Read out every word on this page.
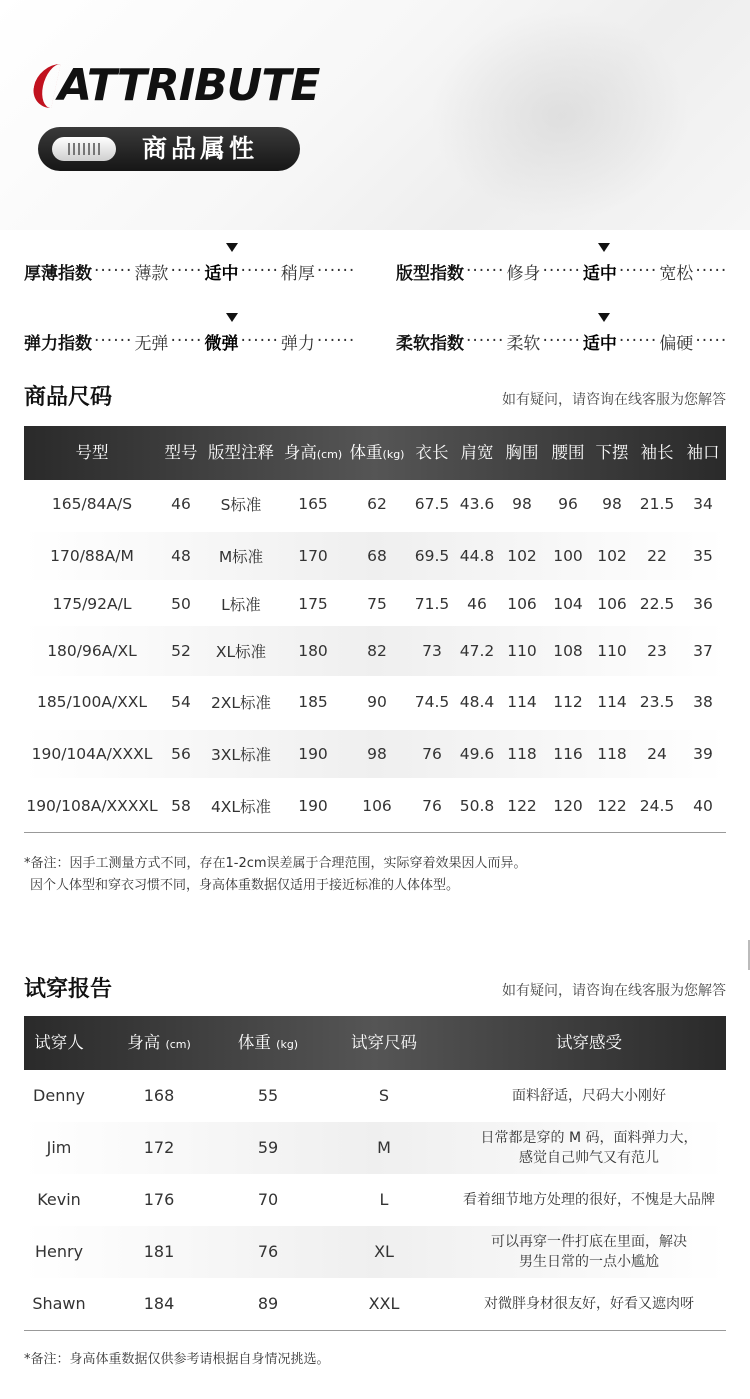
ATTRIBUTE
商品属性
厚薄指数 ······ 薄款 ····· 适中 ······ 稍厚 ······ 版型指数 ······ 修身 ······ 适中 ······ 宽松 ·····
弹力指数 ······ 无弹 ····· 微弹 ······ 弹力 ······ 柔软指数 ······ 柔软 ······ 适中 ······ 偏硬 ·····
商品尺码	如有疑问，请咨询在线客服为您解答
号型	型号 版型注释 身高(cm) 体重(kg) 衣长 肩宽 胸围 腰围 下摆 袖长 袖口
165/84A/S	46	S标准	165	62	67.5 43.6	98	96	98	21.5	34
170/88A/M	48	M标准	170	68	69.5 44.8 102	100 102	22	35
175/92A/L	50	L标准	175	75	71.5	46	106	104 106 22.5	36
180/96A/XL	52	XL标准	180	82	73	47.2 110	108 110	23	37
185/100A/XXL	54	2XL标准	185	90	74.5 48.4 114	112 114 23.5	38
190/104A/XXXL	56	3XL标准	190	98	76	49.6 118	116 118	24	39
190/108A/XXXXL 58	4XL标准	190	106	76	50.8 122	120 122 24.5	40
*备注：因手工测量方式不同，存在1-2cm误差属于合理范围，实际穿着效果因人而异。
因个人体型和穿衣习惯不同，身高体重数据仅适用于接近标准的人体体型。
试穿报告	如有疑问，请咨询在线客服为您解答
试穿人	身高 (cm)	体重 (kg)	试穿尺码	试穿感受
Denny	168	55	S	面料舒适，尺码大小刚好
Jim	172	59	M	日常都是穿的 M 码，面料弹力大，
感觉自己帅气又有范儿
Kevin	176	70	L	看着细节地方处理的很好，不愧是大品牌
Henry	181	76	XL	可以再穿一件打底在里面，解决
男生日常的一点小尴尬
Shawn	184	89	XXL	对微胖身材很友好，好看又遮肉呀
*备注：身高体重数据仅供参考请根据自身情况挑选。
